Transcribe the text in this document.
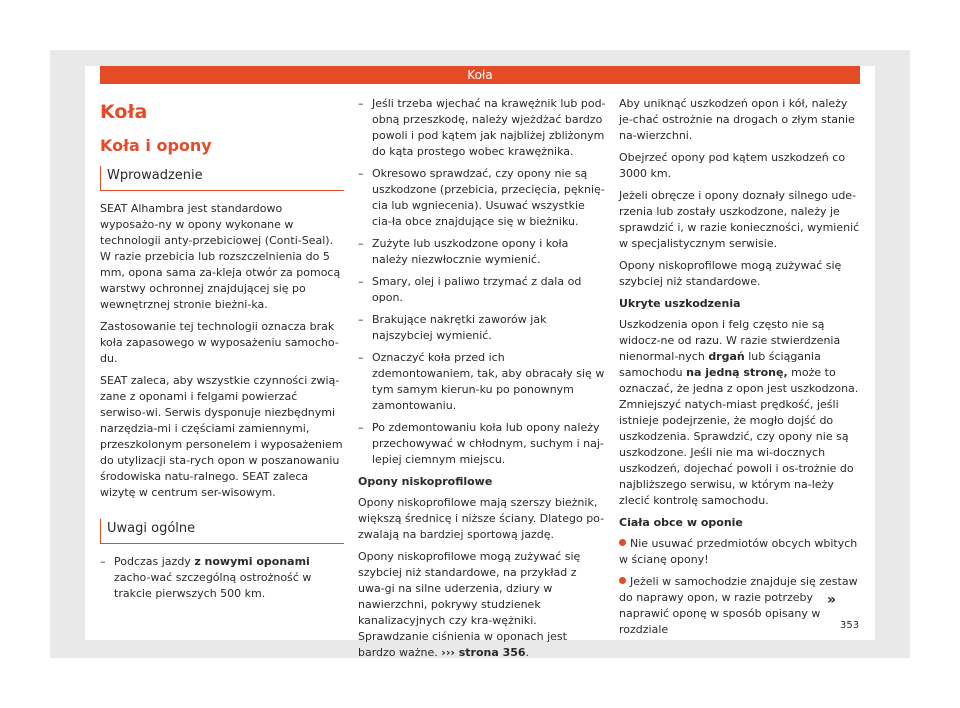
Koła
Koła
Koła i opony
Wprowadzenie

SEAT Alhambra jest standardowo wyposażo-ny w opony wykonane w technologii anty-przebiciowej (Conti-Seal). W razie przebicia lub rozszczelnienia do 5 mm, opona sama za-kleja otwór za pomocą warstwy ochronnej znajdującej się po wewnętrznej stronie bieżni-ka.

Zastosowanie tej technologii oznacza brak koła zapasowego w wyposażeniu samocho-du.

SEAT zaleca, aby wszystkie czynności zwią-zane z oponami i felgami powierzać serwiso-wi. Serwis dysponuje niezbędnymi narzędzia-mi i częściami zamiennymi, przeszkolonym personelem i wyposażeniem do utylizacji sta-rych opon w poszanowaniu środowiska natu-ralnego. SEAT zaleca wizytę w centrum ser-wisowym.

Uwagi ogólne
– Podczas jazdy z nowymi oponami zacho-wać szczególną ostrożność w trakcie pierwszych 500 km.
– Jeśli trzeba wjechać na krawężnik lub pod-obną przeszkodę, należy wjeżdżać bardzo powoli i pod kątem jak najbliżej zbliżonym do kąta prostego wobec krawężnika.
– Okresowo sprawdzać, czy opony nie są uszkodzone (przebicia, przecięcia, pęknię-cia lub wgniecenia). Usuwać wszystkie cia-ła obce znajdujące się w bieżniku.
– Zużyte lub uszkodzone opony i koła należy niezwłocznie wymienić.
– Smary, olej i paliwo trzymać z dala od opon.
– Brakujące nakrętki zaworów jak najszybciej wymienić.
– Oznaczyć koła przed ich zdemontowaniem, tak, aby obracały się w tym samym kierun-ku po ponownym zamontowaniu.
– Po zdemontowaniu koła lub opony należy przechowywać w chłodnym, suchym i naj-lepiej ciemnym miejscu.
Opony niskoprofilowe

Opony niskoprofilowe mają szerszy bieżnik, większą średnicę i niższe ściany. Dlatego po-zwalają na bardziej sportową jazdę.

Opony niskoprofilowe mogą zużywać się szybciej niż standardowe, na przykład z uwa-gi na silne uderzenia, dziury w nawierzchni, pokrywy studzienek kanalizacyjnych czy kra-wężniki. Sprawdzanie ciśnienia w oponach jest bardzo ważne. ››› strona 356.

Aby uniknąć uszkodzeń opon i kół, należy je-chać ostrożnie na drogach o złym stanie na-wierzchni.

Obejrzeć opony pod kątem uszkodzeń co 3000 km.

Jeżeli obręcze i opony doznały silnego ude-rzenia lub zostały uszkodzone, należy je sprawdzić i, w razie konieczności, wymienić w specjalistycznym serwisie.

Opony niskoprofilowe mogą zużywać się szybciej niż standardowe.

Ukryte uszkodzenia

Uszkodzenia opon i felg często nie są widocz-ne od razu. W razie stwierdzenia nienormal-nych drgań lub ściągania samochodu na jedną stronę, może to oznaczać, że jedna z opon jest uszkodzona. Zmniejszyć natych-miast prędkość, jeśli istnieje podejrzenie, że mogło dojść do uszkodzenia. Sprawdzić, czy opony nie są uszkodzone. Jeśli nie ma wi-docznych uszkodzeń, dojechać powoli i os-trożnie do najbliższego serwisu, w którym na-leży zlecić kontrolę samochodu.

Ciała obce w oponie

Nie usuwać przedmiotów obcych wbitych w ścianę opony!

Jeżeli w samochodzie znajduje się zestaw do naprawy opon, w razie potrzeby naprawić oponę w sposób opisany w rozdziale

»
353
